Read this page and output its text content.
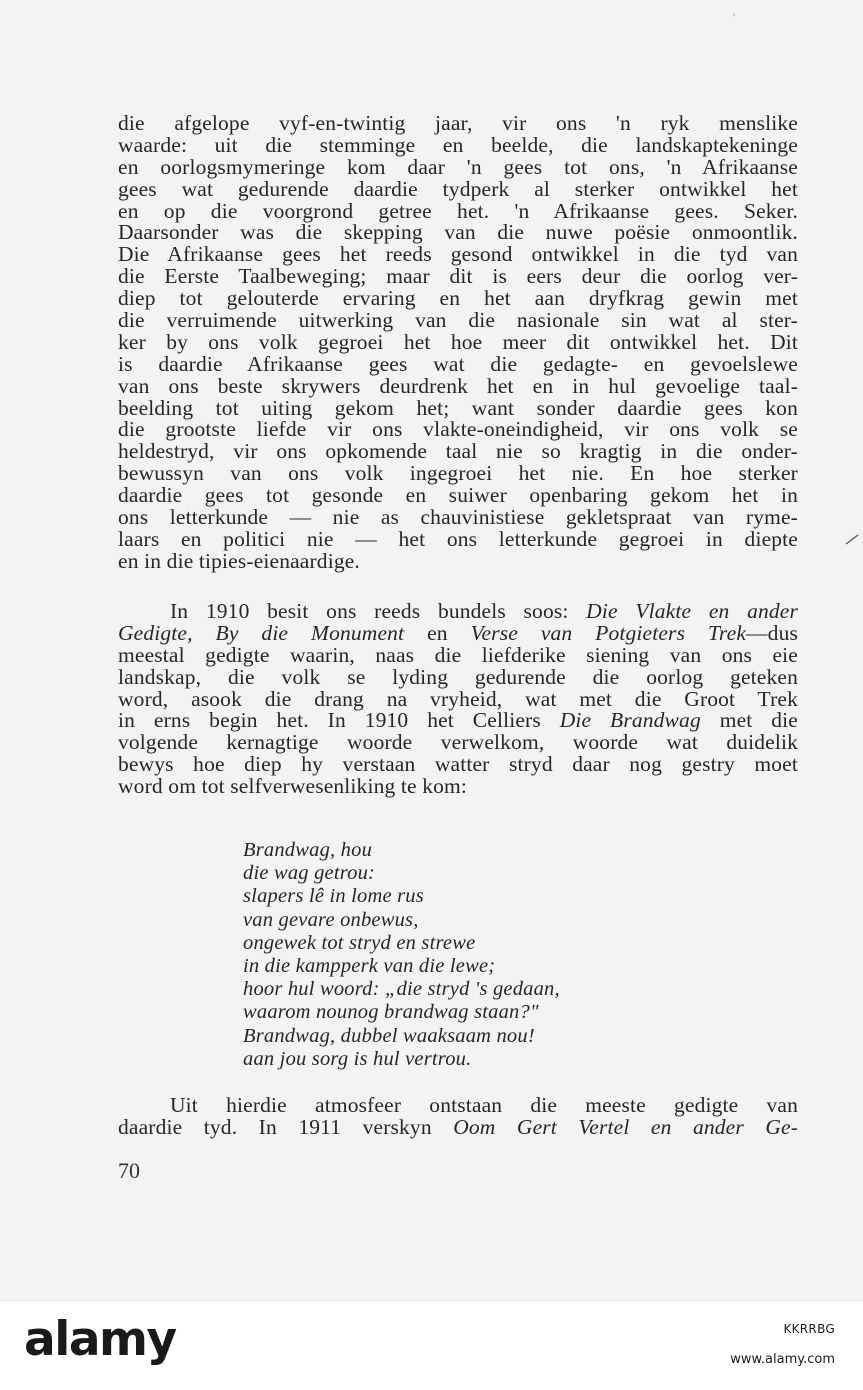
'
die afgelope vyf-en-twintig jaar, vir ons 'n ryk menslike
waarde: uit die stemminge en beelde, die landskaptekeninge
en oorlogsmymeringe kom daar 'n gees tot ons, 'n Afrikaanse
gees wat gedurende daardie tydperk al sterker ontwikkel het
en op die voorgrond getree het. 'n Afrikaanse gees. Seker.
Daarsonder was die skepping van die nuwe poësie onmoontlik.
Die Afrikaanse gees het reeds gesond ontwikkel in die tyd van
die Eerste Taalbeweging; maar dit is eers deur die oorlog ver-
diep tot gelouterde ervaring en het aan dryfkrag gewin met
die verruimende uitwerking van die nasionale sin wat al ster-
ker by ons volk gegroei het hoe meer dit ontwikkel het. Dit
is daardie Afrikaanse gees wat die gedagte- en gevoelslewe
van ons beste skrywers deurdrenk het en in hul gevoelige taal-
beelding tot uiting gekom het; want sonder daardie gees kon
die grootste liefde vir ons vlakte-oneindigheid, vir ons volk se
heldestryd, vir ons opkomende taal nie so kragtig in die onder-
bewussyn van ons volk ingegroei het nie. En hoe sterker
daardie gees tot gesonde en suiwer openbaring gekom het in
ons letterkunde — nie as chauvinistiese gekletspraat van ryme-
laars en politici nie — het ons letterkunde gegroei in diepte
en in die tipies-eienaardige.
In 1910 besit ons reeds bundels soos: Die Vlakte en ander
Gedigte, By die Monument en Verse van Potgieters Trek—dus
meestal gedigte waarin, naas die liefderike siening van ons eie
landskap, die volk se lyding gedurende die oorlog geteken
word, asook die drang na vryheid, wat met die Groot Trek
in erns begin het. In 1910 het Celliers Die Brandwag met die
volgende kernagtige woorde verwelkom, woorde wat duidelik
bewys hoe diep hy verstaan watter stryd daar nog gestry moet
word om tot selfverwesenliking te kom:
Brandwag, hou
die wag getrou:
slapers lê in lome rus
van gevare onbewus,
ongewek tot stryd en strewe
in die kampperk van die lewe;
hoor hul woord: „die stryd 's gedaan,
waarom nounog brandwag staan?"
Brandwag, dubbel waaksaam nou!
aan jou sorg is hul vertrou.
Uit hierdie atmosfeer ontstaan die meeste gedigte van
daardie tyd. In 1911 verskyn Oom Gert Vertel en ander Ge-
70
alamy	KKRRBG
www.alamy.com
